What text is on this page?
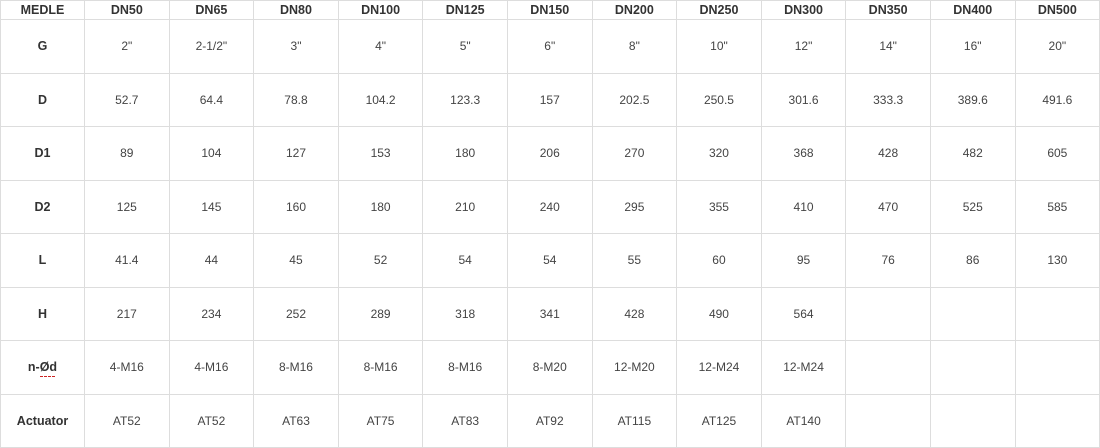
MEDLE	DN50	DN65	DN80	DN100	DN125	DN150	DN200	DN250	DN300	DN350	DN400	DN500
G	2"	2-1/2"	3"	4"	5"	6"	8"	10"	12"	14"	16"	20"
D	52.7	64.4	78.8	104.2	123.3	157	202.5	250.5	301.6	333.3	389.6	491.6
D1	89	104	127	153	180	206	270	320	368	428	482	605
D2	125	145	160	180	210	240	295	355	410	470	525	585
L	41.4	44	45	52	54	54	55	60	95	76	86	130
H	217	234	252	289	318	341	428	490	564			
n-Ød	4-M16	4-M16	8-M16	8-M16	8-M16	8-M20	12-M20	12-M24	12-M24			
Actuator	AT52	AT52	AT63	AT75	AT83	AT92	AT115	AT125	AT140			
